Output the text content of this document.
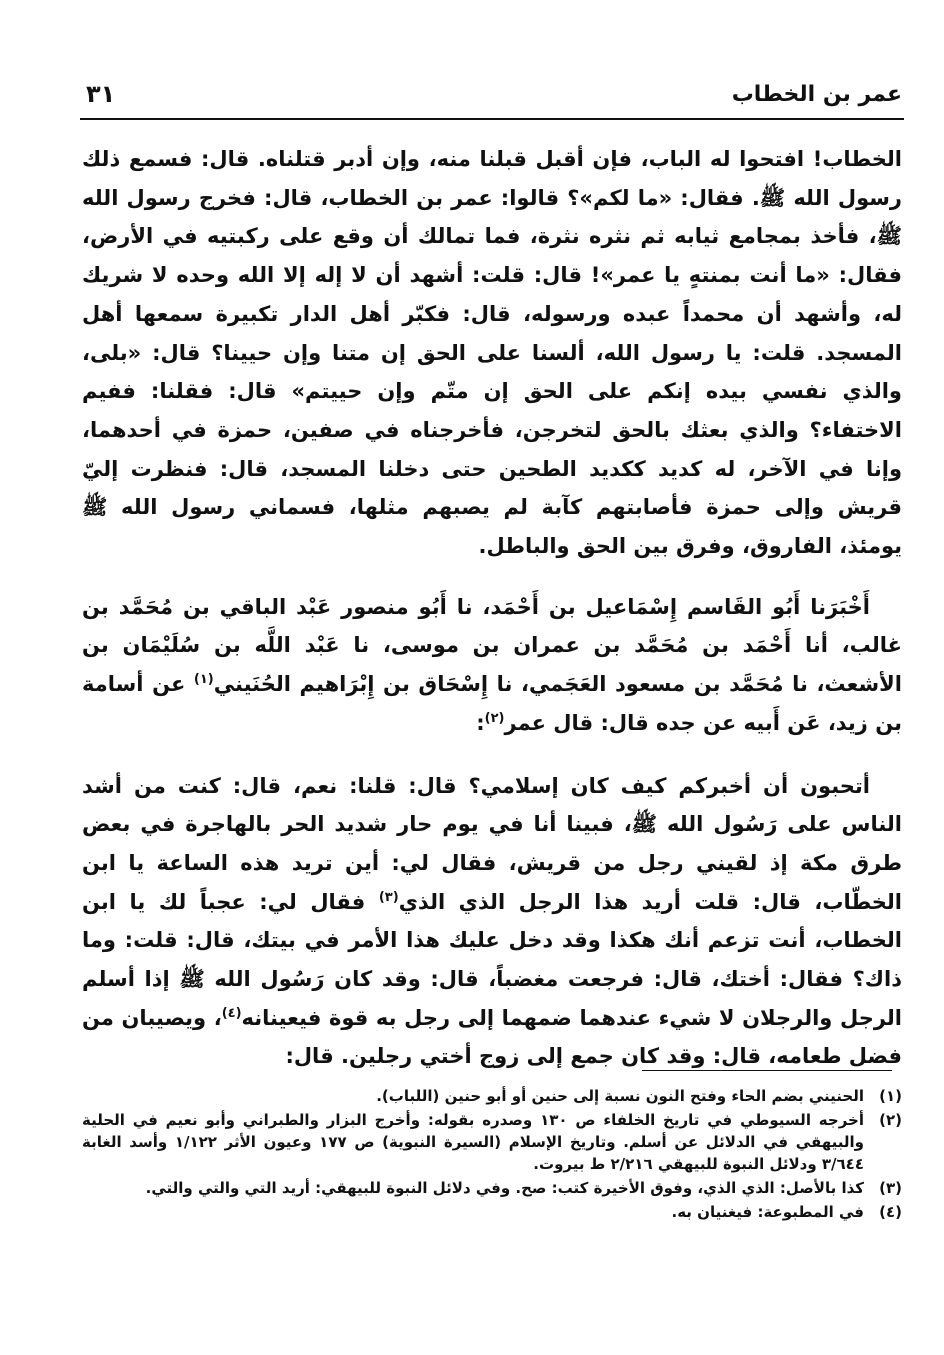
عمر بن الخطاب
٣١

الخطاب! افتحوا له الباب، فإن أقبل قبلنا منه، وإن أدبر قتلناه. قال: فسمع ذلك رسول الله ﷺ. فقال: «ما لكم»؟ قالوا: عمر بن الخطاب، قال: فخرج رسول الله ﷺ، فأخذ بمجامع ثيابه ثم نثره نثرة، فما تمالك أن وقع على ركبتيه في الأرض، فقال: «ما أنت بمنتهٍ يا عمر»! قال: قلت: أشهد أن لا إله إلا الله وحده لا شريك له، وأشهد أن محمداً عبده ورسوله، قال: فكبّر أهل الدار تكبيرة سمعها أهل المسجد. قلت: يا رسول الله، ألسنا على الحق إن متنا وإن حيينا؟ قال: «بلى، والذي نفسي بيده إنكم على الحق إن متّم وإن حييتم» قال: فقلنا: ففيم الاختفاء؟ والذي بعثك بالحق لتخرجن، فأخرجناه في صفين، حمزة في أحدهما، وإنا في الآخر، له كديد ككديد الطحين حتى دخلنا المسجد، قال: فنظرت إليّ قريش وإلى حمزة فأصابتهم كآبة لم يصبهم مثلها، فسماني رسول الله ﷺ يومئذ، الفاروق، وفرق بين الحق والباطل.

أَخْبَرَنا أَبُو القَاسم إِسْمَاعيل بن أَحْمَد، نا أَبُو منصور عَبْد الباقي بن مُحَمَّد بن غالب، أنا أَحْمَد بن مُحَمَّد بن عمران بن موسى، نا عَبْد اللَّه بن سُلَيْمَان بن الأشعث، نا مُحَمَّد بن مسعود العَجَمي، نا إِسْحَاق بن إِبْرَاهيم الحُنَيني$^{(١)}$ عن أسامة بن زيد، عَن أَبيه عن جده قال: قال عمر$^{(٢)}$:

أتحبون أن أخبركم كيف كان إسلامي؟ قال: قلنا: نعم، قال: كنت من أشد الناس على رَسُول الله ﷺ، فبينا أنا في يوم حار شديد الحر بالهاجرة في بعض طرق مكة إذ لقيني رجل من قريش، فقال لي: أين تريد هذه الساعة يا ابن الخطّاب، قال: قلت أريد هذا الرجل الذي الذي$^{(٣)}$ فقال لي: عجباً لك يا ابن الخطاب، أنت تزعم أنك هكذا وقد دخل عليك هذا الأمر في بيتك، قال: قلت: وما ذاك؟ فقال: أختك، قال: فرجعت مغضباً، قال: وقد كان رَسُول الله ﷺ إذا أسلم الرجل والرجلان لا شيء عندهما ضمهما إلى رجل به قوة فيعينانه$^{(٤)}$، ويصيبان من فضل طعامه، قال: وقد كان جمع إلى زوج أختي رجلين. قال:

(١)
الحنيني بضم الحاء وفتح النون نسبة إلى حنين أو أبو حنين (اللباب).
(٢)
أخرجه السيوطي في تاريخ الخلفاء ص ١٣٠ وصدره بقوله: وأخرج البزار والطبراني وأبو نعيم في الحلية والبيهقي في الدلائل عن أسلم. وتاريخ الإسلام (السيرة النبوية) ص ١٧٧ وعيون الأثر ١/١٢٢ وأسد الغابة ٣/٦٤٤ ودلائل النبوة للبيهقي ٢/٢١٦ ط بيروت.
(٣)
كذا بالأصل: الذي الذي، وفوق الأخيرة كتب: صح. وفي دلائل النبوة للبيهقي: أريد التي والتي والتي.
(٤)
في المطبوعة: فيغنيان به.
